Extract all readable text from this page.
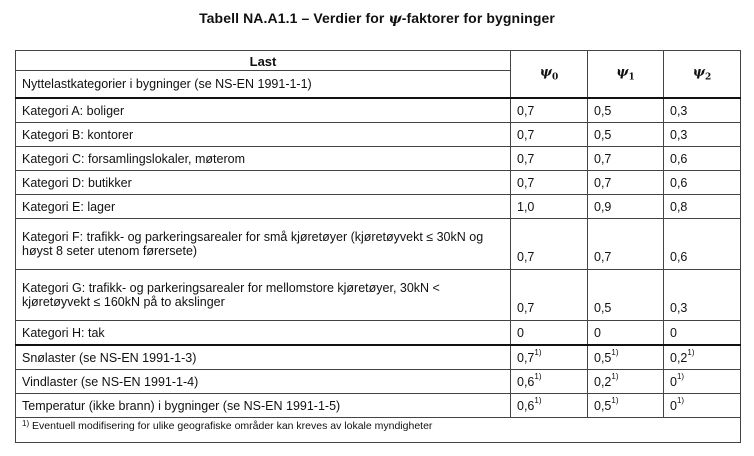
Tabell NA.A1.1 – Verdier for ψ-faktorer for bygninger
Last	$\psi_0$	$\psi_1$	$\psi_2$
Nyttelastkategorier i bygninger (se NS-EN 1991-1-1)			
Kategori A: boliger	0,7	0,5	0,3
Kategori B: kontorer	0,7	0,5	0,3
Kategori C: forsamlingslokaler, møterom	0,7	0,7	0,6
Kategori D: butikker	0,7	0,7	0,6
Kategori E: lager	1,0	0,9	0,8
Kategori F: trafikk- og parkeringsarealer for små kjøretøyer (kjøretøyvekt ≤ 30kN og høyst 8 seter utenom førersete)	0,7	0,7	0,6
Kategori G: trafikk- og parkeringsarealer for mellomstore kjøretøyer, 30kN < kjøretøyvekt ≤ 160kN på to akslinger	0,7	0,5	0,3
Kategori H: tak	0	0	0
Snølaster (se NS-EN 1991-1-3)	0,7$^{1)}$	0,5$^{1)}$	0,2$^{1)}$
Vindlaster (se NS-EN 1991-1-4)	0,6$^{1)}$	0,2$^{1)}$	0$^{1)}$
Temperatur (ikke brann) i bygninger (se NS-EN 1991-1-5)	0,6$^{1)}$	0,5$^{1)}$	0$^{1)}$
$^{1)}$ Eventuell modifisering for ulike geografiske områder kan kreves av lokale myndigheter			
